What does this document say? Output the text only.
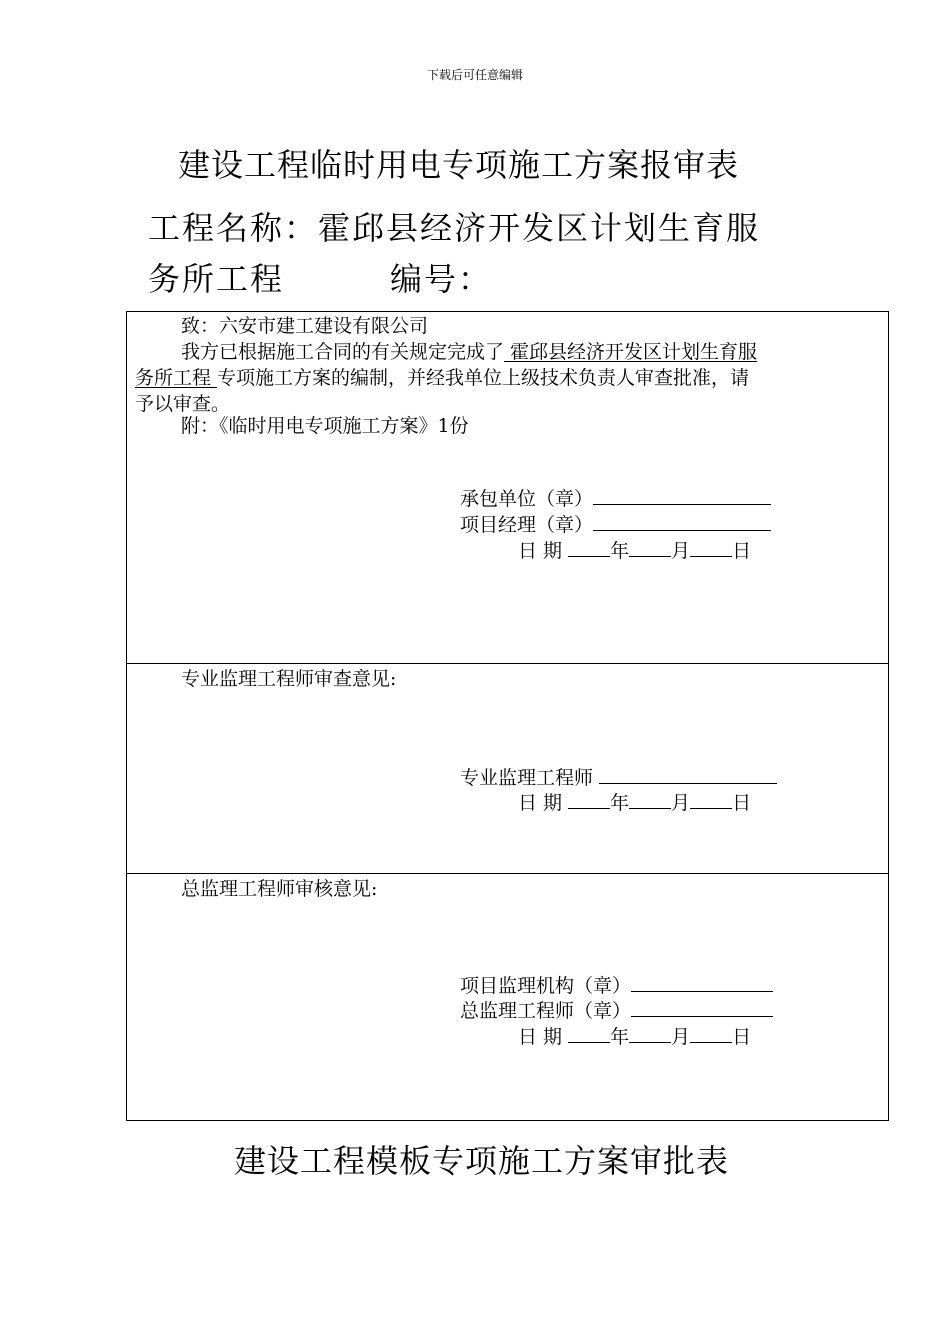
下载后可任意编辑
建设工程临时用电专项施工方案报审表
工程名称：霍邱县经济开发区计划生育服
务所工程	编号：
致：六安市建工建设有限公司
我方已根据施工合同的有关规定完成了 霍邱县经济开发区计划生育服
务所工程 专项施工方案的编制，并经我单位上级技术负责人审查批准，请
予以审查。
附：《临时用电专项施工方案》1份
承包单位（章）
项目经理（章）
日 期	年 月 日
专业监理工程师审查意见:
专业监理工程师
日 期	年 月 日
总监理工程师审核意见:
项目监理机构（章）
总监理工程师（章）
日 期	年 月 日
建设工程模板专项施工方案审批表
